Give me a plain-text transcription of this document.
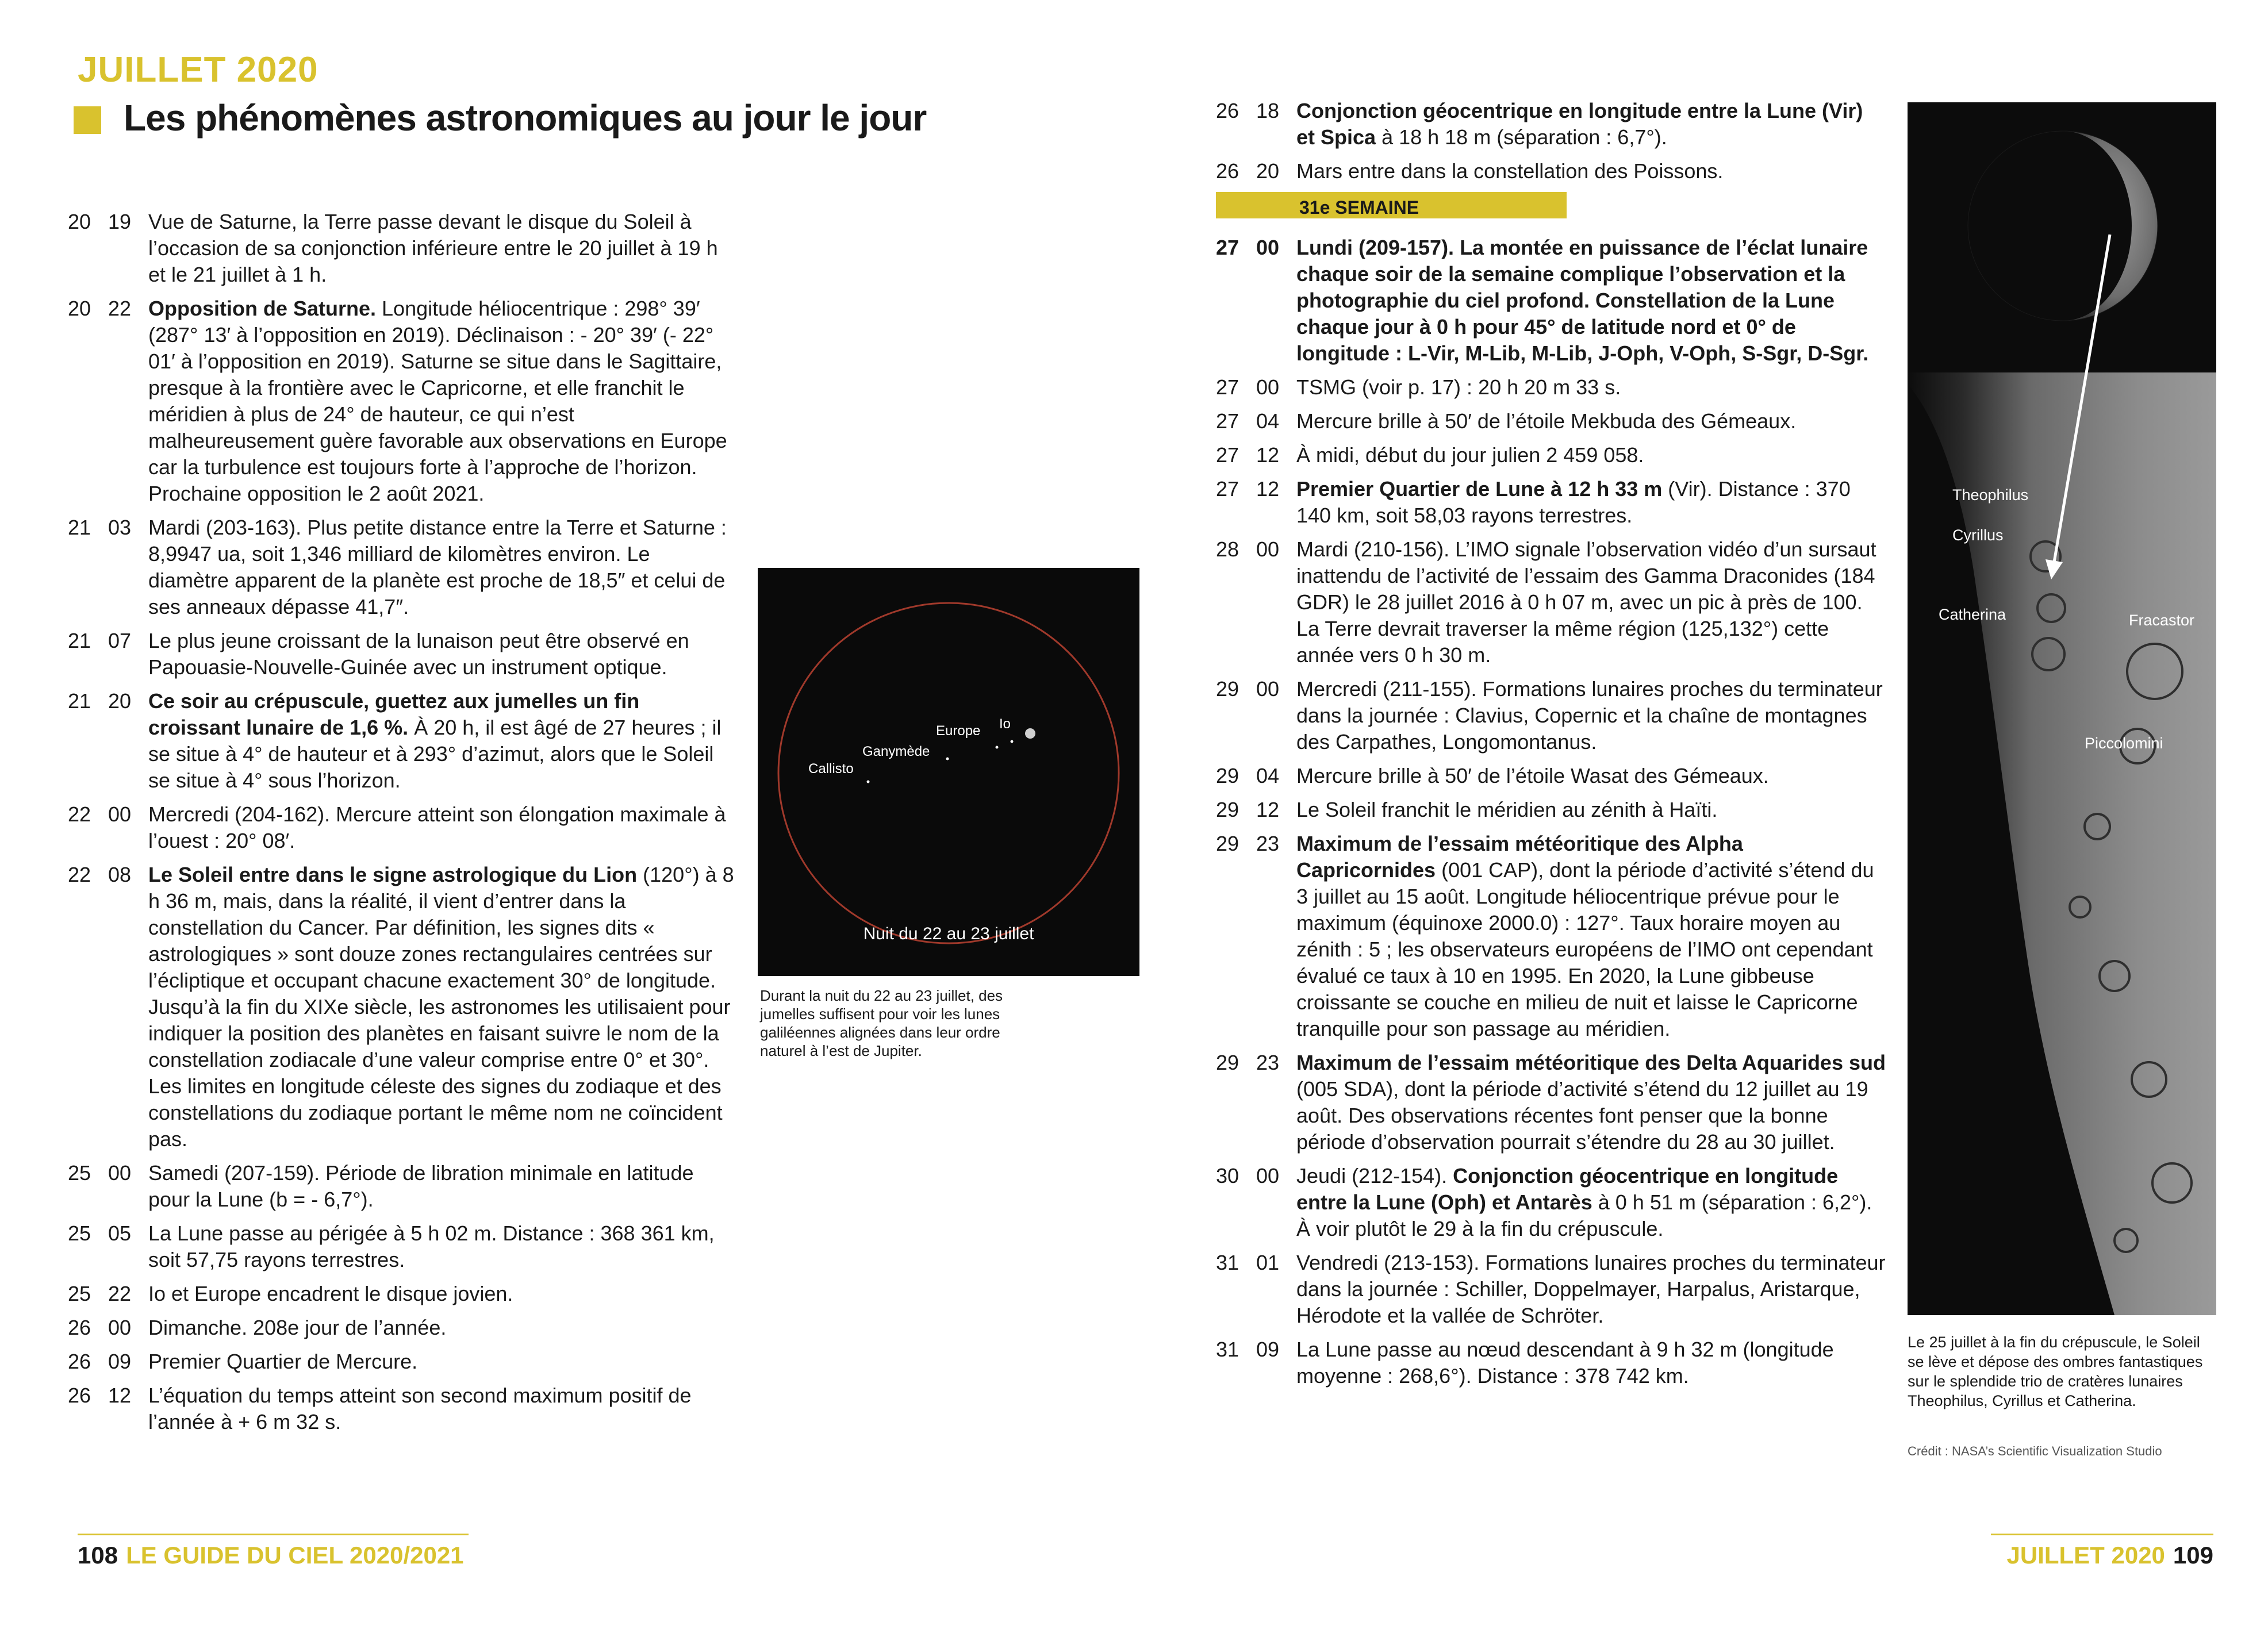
JUILLET 2020
Les phénomènes astronomiques au jour le jour
20 19 Vue de Saturne, la Terre passe devant le disque du Soleil à l’occasion de sa conjonction inférieure entre le 20 juillet à 19 h et le 21 juillet à 1 h.
20 22 Opposition de Saturne. Longitude héliocentrique : 298° 39′ (287° 13′ à l’opposition en 2019). Déclinaison : - 20° 39′ (- 22° 01′ à l’opposition en 2019). Saturne se situe dans le Sagittaire, presque à la frontière avec le Capricorne, et elle franchit le méridien à plus de 24° de hauteur, ce qui n’est malheureusement guère favorable aux observations en Europe car la turbulence est toujours forte à l’approche de l’horizon. Prochaine opposition le 2 août 2021.
21 03 Mardi (203-163). Plus petite distance entre la Terre et Saturne : 8,9947 ua, soit 1,346 milliard de kilomètres environ. Le diamètre apparent de la planète est proche de 18,5″ et celui de ses anneaux dépasse 41,7″.
21 07 Le plus jeune croissant de la lunaison peut être observé en Papouasie-Nouvelle-Guinée avec un instrument optique.
21 20 Ce soir au crépuscule, guettez aux jumelles un fin croissant lunaire de 1,6 %. À 20 h, il est âgé de 27 heures ; il se situe à 4° de hauteur et à 293° d’azimut, alors que le Soleil se situe à 4° sous l’horizon.
22 00 Mercredi (204-162). Mercure atteint son élongation maximale à l’ouest : 20° 08′.
22 08 Le Soleil entre dans le signe astrologique du Lion (120°) à 8 h 36 m, mais, dans la réalité, il vient d’entrer dans la constellation du Cancer. Par définition, les signes dits « astrologiques » sont douze zones rectangulaires centrées sur l’écliptique et occupant chacune exactement 30° de longitude. Jusqu’à la fin du XIXe siècle, les astronomes les utilisaient pour indiquer la position des planètes en faisant suivre le nom de la constellation zodiacale d’une valeur comprise entre 0° et 30°. Les limites en longitude céleste des signes du zodiaque et des constellations du zodiaque portant le même nom ne coïncident pas.
25 00 Samedi (207-159). Période de libration minimale en latitude pour la Lune (b = - 6,7°).
25 05 La Lune passe au périgée à 5 h 02 m. Distance : 368 361 km, soit 57,75 rayons terrestres.
25 22 Io et Europe encadrent le disque jovien.
26 00 Dimanche. 208e jour de l’année.
26 09 Premier Quartier de Mercure.
26 12 L’équation du temps atteint son second maximum positif de l’année à + 6 m 32 s.
Io
Europe
Ganymède
Callisto
Nuit du 22 au 23 juillet
Durant la nuit du 22 au 23 juillet, des jumelles suffisent pour voir les lunes galiléennes alignées dans leur ordre naturel à l’est de Jupiter.
26 18 Conjonction géocentrique en longitude entre la Lune (Vir) et Spica à 18 h 18 m (séparation : 6,7°).
26 20 Mars entre dans la constellation des Poissons.
31e SEMAINE
27 00 Lundi (209-157). La montée en puissance de l’éclat lunaire chaque soir de la semaine complique l’observation et la photographie du ciel profond. Constellation de la Lune chaque jour à 0 h pour 45° de latitude nord et 0° de longitude : L-Vir, M-Lib, M-Lib, J-Oph, V-Oph, S-Sgr, D-Sgr.
27 00 TSMG (voir p. 17) : 20 h 20 m 33 s.
27 04 Mercure brille à 50′ de l’étoile Mekbuda des Gémeaux.
27 12 À midi, début du jour julien 2 459 058.
27 12 Premier Quartier de Lune à 12 h 33 m (Vir). Distance : 370 140 km, soit 58,03 rayons terrestres.
28 00 Mardi (210-156). L’IMO signale l’observation vidéo d’un sursaut inattendu de l’activité de l’essaim des Gamma Draconides (184 GDR) le 28 juillet 2016 à 0 h 07 m, avec un pic à près de 100. La Terre devrait traverser la même région (125,132°) cette année vers 0 h 30 m.
29 00 Mercredi (211-155). Formations lunaires proches du terminateur dans la journée : Clavius, Copernic et la chaîne de montagnes des Carpathes, Longomontanus.
29 04 Mercure brille à 50′ de l’étoile Wasat des Gémeaux.
29 12 Le Soleil franchit le méridien au zénith à Haïti.
29 23 Maximum de l’essaim météoritique des Alpha Capricornides (001 CAP), dont la période d’activité s’étend du 3 juillet au 15 août. Longitude héliocentrique prévue pour le maximum (équinoxe 2000.0) : 127°. Taux horaire moyen au zénith : 5 ; les observateurs européens de l’IMO ont cependant évalué ce taux à 10 en 1995. En 2020, la Lune gibbeuse croissante se couche en milieu de nuit et laisse le Capricorne tranquille pour son passage au méridien.
29 23 Maximum de l’essaim météoritique des Delta Aquarides sud (005 SDA), dont la période d’activité s’étend du 12 juillet au 19 août. Des observations récentes font penser que la bonne période d’observation pourrait s’étendre du 28 au 30 juillet.
30 00 Jeudi (212-154). Conjonction géocentrique en longitude entre la Lune (Oph) et Antarès à 0 h 51 m (séparation : 6,2°). À voir plutôt le 29 à la fin du crépuscule.
31 01 Vendredi (213-153). Formations lunaires proches du terminateur dans la journée : Schiller, Doppelmayer, Harpalus, Aristarque, Hérodote et la vallée de Schröter.
31 09 La Lune passe au nœud descendant à 9 h 32 m (longitude moyenne : 268,6°). Distance : 378 742 km.
Theophilus
Cyrillus
Catherina	Fracastor
Piccolomini
Le 25 juillet à la fin du crépuscule, le Soleil se lève et dépose des ombres fantastiques sur le splendide trio de cratères lunaires Theophilus, Cyrillus et Catherina.
Crédit : NASA’s Scientific Visualization Studio
108 LE GUIDE DU CIEL 2020/2021	JUILLET 2020 109
